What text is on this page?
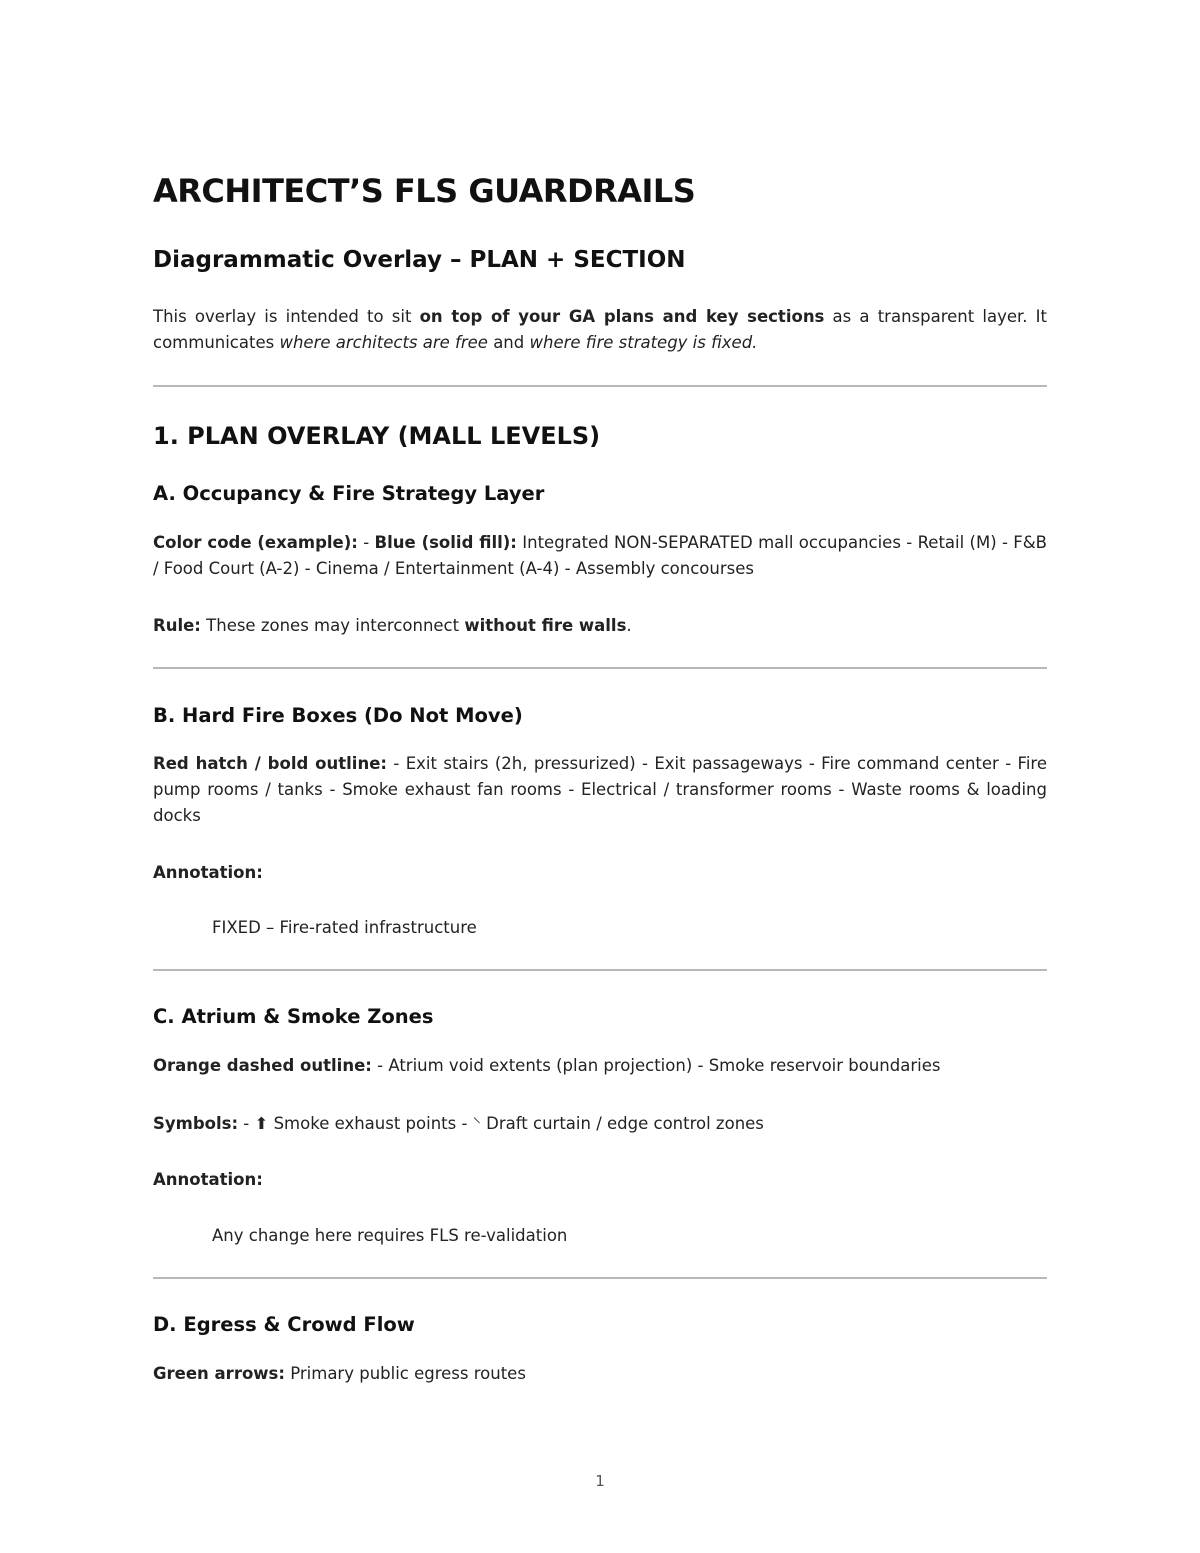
ARCHITECT’S FLS GUARDRAILS
Diagrammatic Overlay – PLAN + SECTION

This overlay is intended to sit on top of your GA plans and key sections as a transparent layer. It communicates where architects are free and where fire strategy is fixed.

1. PLAN OVERLAY (MALL LEVELS)
A. Occupancy & Fire Strategy Layer

Color code (example): - Blue (solid fill): Integrated NON-SEPARATED mall occupancies - Retail (M) - F&B / Food Court (A-2) - Cinema / Entertainment (A-4) - Assembly concourses

Rule: These zones may interconnect without fire walls.

B. Hard Fire Boxes (Do Not Move)

Red hatch / bold outline: - Exit stairs (2h, pressurized) - Exit passageways - Fire command center - Fire pump rooms / tanks - Smoke exhaust fan rooms - Electrical / transformer rooms - Waste rooms & loading docks

Annotation:

FIXED – Fire-rated infrastructure

C. Atrium & Smoke Zones

Orange dashed outline: - Atrium void extents (plan projection) - Smoke reservoir boundaries

Symbols: - ⬆ Smoke exhaust points - ⸌ Draft curtain / edge control zones

Annotation:

Any change here requires FLS re-validation

D. Egress & Crowd Flow

Green arrows: Primary public egress routes

1
